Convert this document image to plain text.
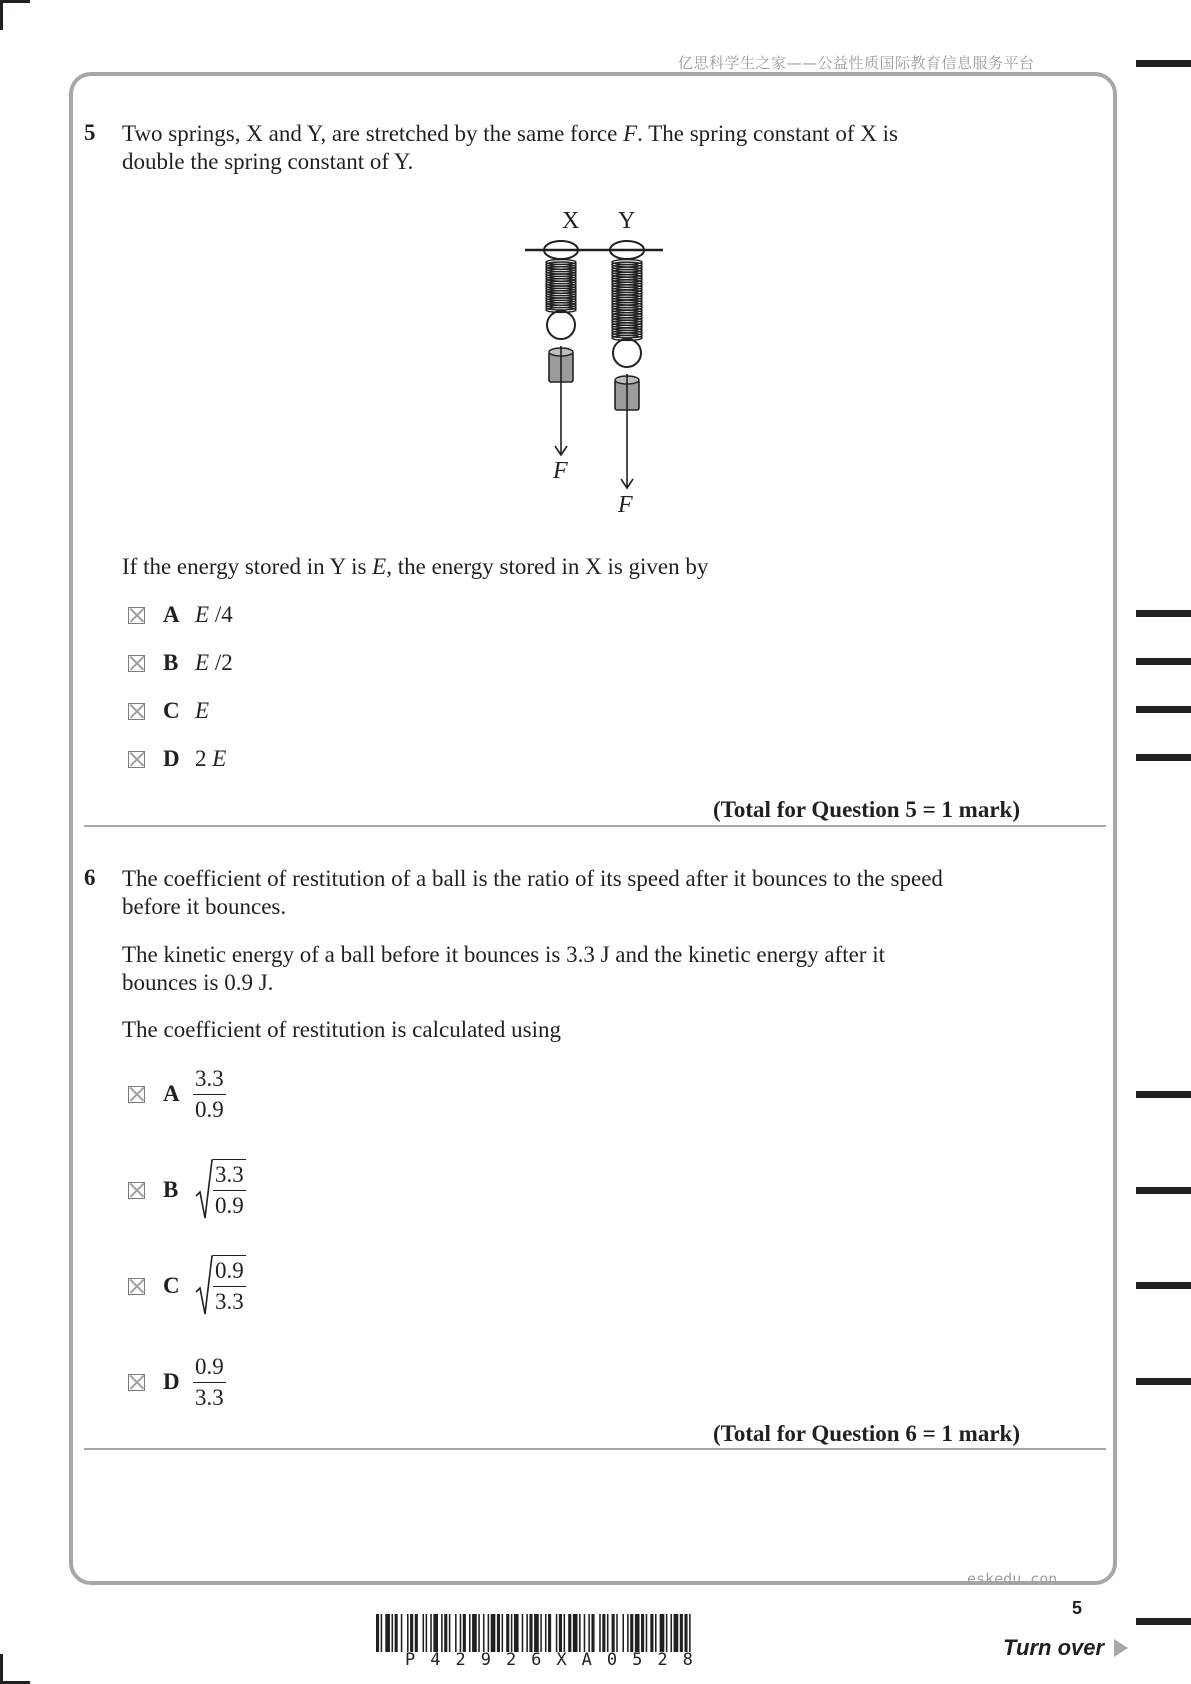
亿思科学生之家——公益性质国际教育信息服务平台
5 Two springs, X and Y, are stretched by the same force F. The spring constant of X is
double the spring constant of Y.
X Y
F
F
If the energy stored in Y is E, the energy stored in X is given by
A E /4
B E /2
C E
D 2 E
(Total for Question 5 = 1 mark)
6 The coefficient of restitution of a ball is the ratio of its speed after it bounces to the speed
before it bounces.
The kinetic energy of a ball before it bounces is 3.3 J and the kinetic energy after it
bounces is 0.9 J.
The coefficient of restitution is calculated using
A $\frac{3.3}{0.9}$
B	$\frac{3.3}{0.9}$
C	$\frac{0.9}{3.3}$
D $\frac{0.9}{3.3}$
(Total for Question 6 = 1 mark)
eskedu.con
5
Turn over
P42926XA0528
